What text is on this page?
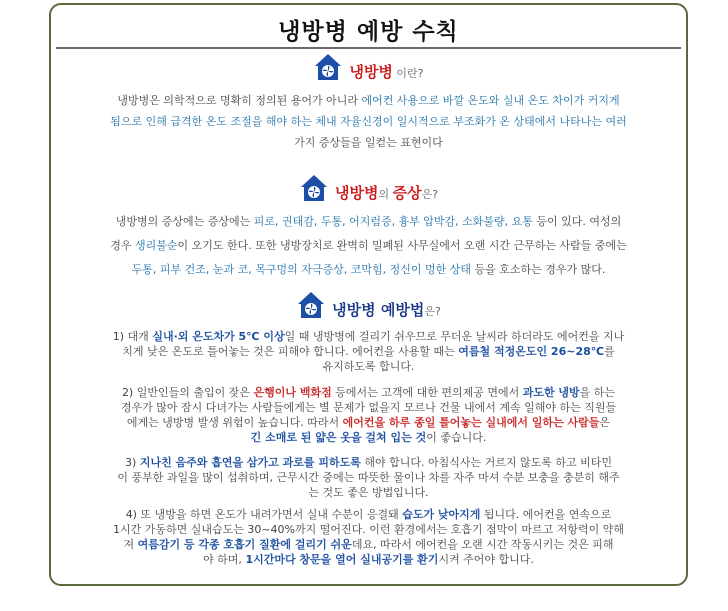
냉방병 예방 수칙
냉방병 이란?
냉방병은 의학적으로 명확히 정의된 용어가 아니라 에어컨 사용으로 바깥 온도와 실내 온도 차이가 커지게
됨으로 인해 급격한 온도 조절을 해야 하는 체내 자율신경이 일시적으로 부조화가 온 상태에서 나타나는 여러
가지 증상들을 일컫는 표현이다
냉방병의 증상은?
냉방병의 증상에는 증상에는 피로, 권태감, 두통, 어지럼증, 흉부 압박감, 소화불량, 요통 등이 있다. 여성의
경우 생리불순이 오기도 한다. 또한 냉방장치로 완벽히 밀폐된 사무실에서 오랜 시간 근무하는 사람들 중에는
두통, 피부 건조, 눈과 코, 목구멍의 자극증상, 코막힘, 정신이 멍한 상태 등을 호소하는 경우가 많다.
냉방병 예방법은?
1) 대개 실내·외 온도차가 5℃ 이상일 때 냉방병에 걸리기 쉬우므로 무더운 날씨라 하더라도 에어컨을 지나
치게 낮은 온도로 틀어놓는 것은 피해야 합니다. 에어컨을 사용할 때는 여름철 적정온도인 26~28℃를
유지하도록 합니다.
2) 일반인들의 출입이 잦은 은행이나 백화점 등에서는 고객에 대한 편의제공 면에서 과도한 냉방을 하는
경우가 많아 잠시 다녀가는 사람들에게는 별 문제가 없을지 모르나 건물 내에서 계속 일해야 하는 직원들
에게는 냉방병 발생 위험이 높습니다. 따라서 에어컨을 하루 종일 틀어놓는 실내에서 일하는 사람들은
긴 소매로 된 얇은 옷을 걸쳐 입는 것이 좋습니다.
3) 지나친 음주와 흡연을 삼가고 과로를 피하도록 해야 합니다. 아침식사는 거르지 않도록 하고 비타민
이 풍부한 과일을 많이 섭취하며, 근무시간 중에는 따뜻한 물이나 차를 자주 마셔 수분 보충을 충분히 해주
는 것도 좋은 방법입니다.
4) 또 냉방을 하면 온도가 내려가면서 실내 수분이 응결돼 습도가 낮아지게 됩니다. 에어컨을 연속으로
1시간 가동하면 실내습도는 30~40%까지 떨어진다. 이런 환경에서는 호흡기 점막이 마르고 저항력이 약해
져 여름감기 등 각종 호흡기 질환에 걸리기 쉬운데요, 따라서 에어컨을 오랜 시간 작동시키는 것은 피해
야 하며, 1시간마다 창문을 열어 실내공기를 환기시켜 주어야 합니다.
